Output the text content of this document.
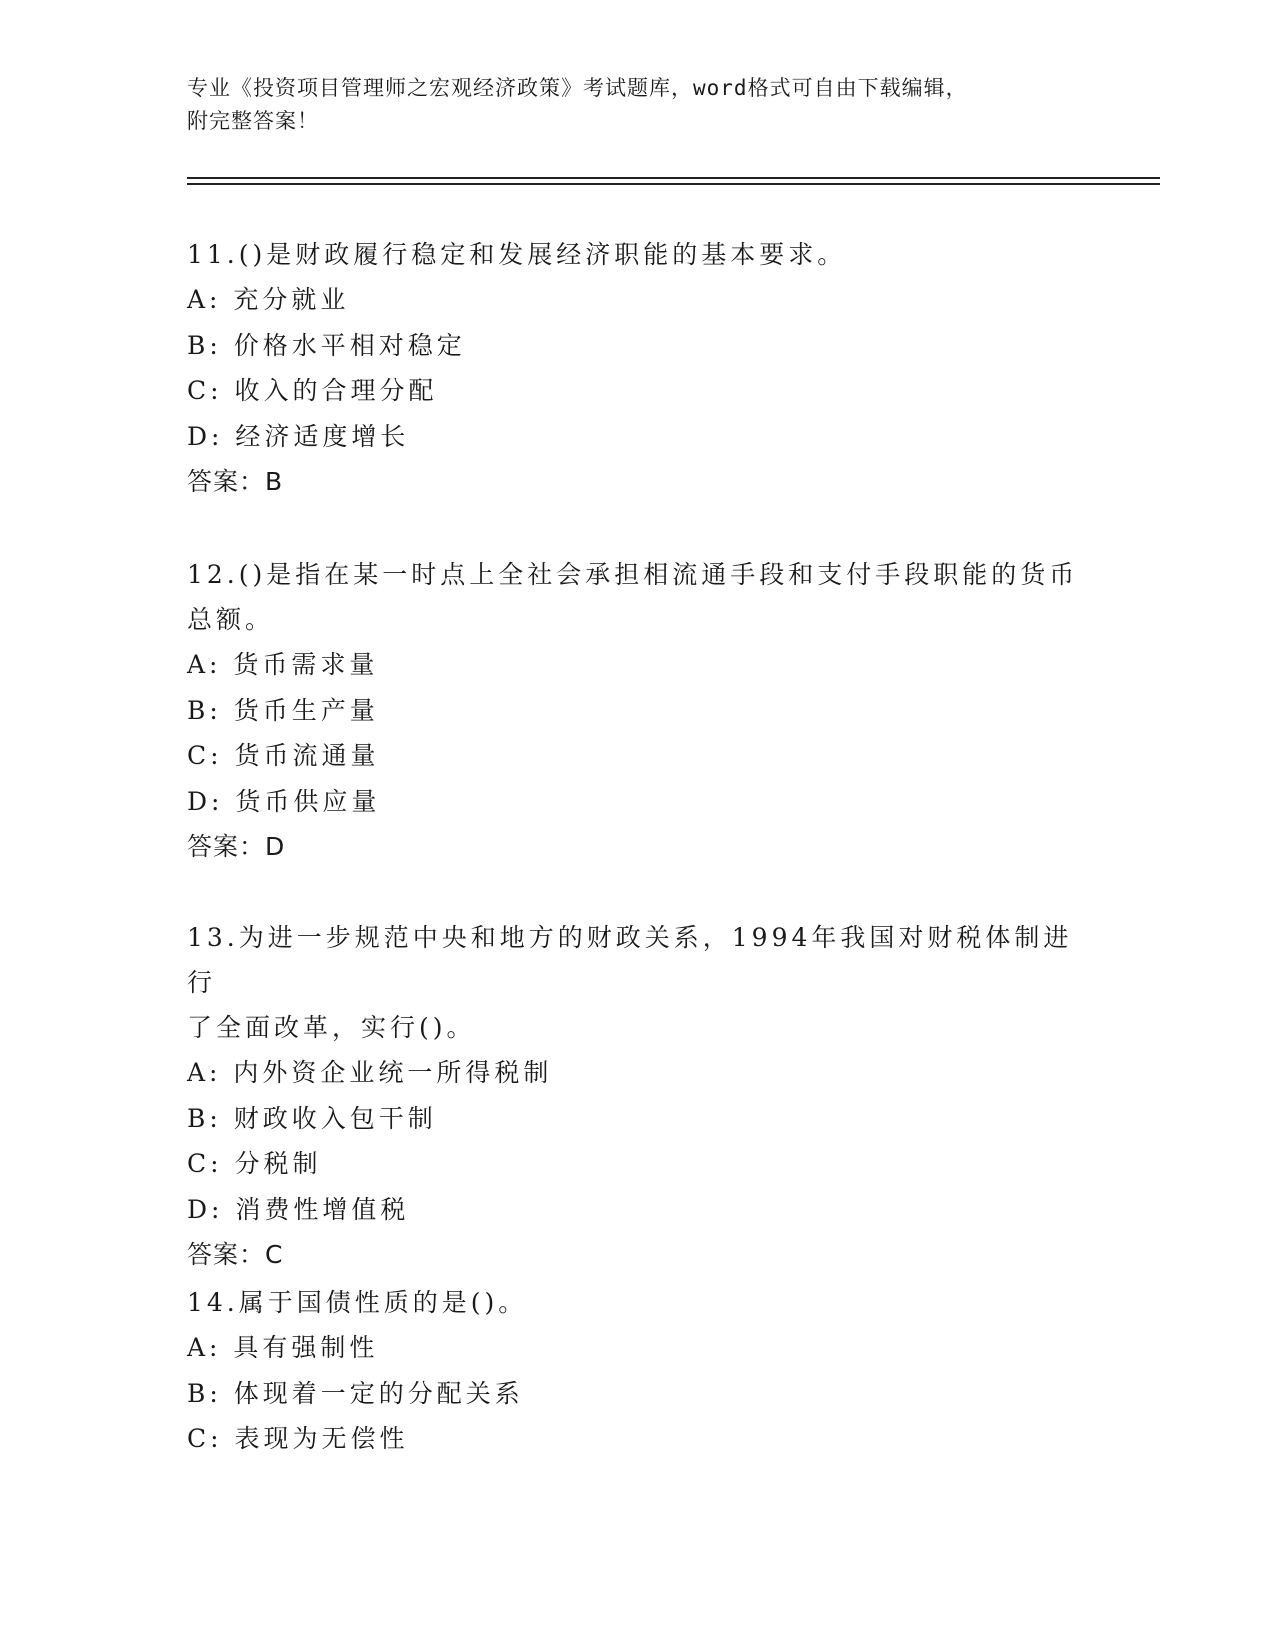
专业《投资项目管理师之宏观经济政策》考试题库，word格式可自由下载编辑，
附完整答案！

11.()是财政履行稳定和发展经济职能的基本要求。

A: 充分就业

B: 价格水平相对稳定

C: 收入的合理分配

D: 经济适度增长

答案：B

12.()是指在某一时点上全社会承担相流通手段和支付手段职能的货币

总额。

A: 货币需求量

B: 货币生产量

C: 货币流通量

D: 货币供应量

答案：D

13.为进一步规范中央和地方的财政关系，1994年我国对财税体制进行

了全面改革，实行()。

A: 内外资企业统一所得税制

B: 财政收入包干制

C: 分税制

D: 消费性增值税

答案：C

14.属于国债性质的是()。

A: 具有强制性

B: 体现着一定的分配关系

C: 表现为无偿性
